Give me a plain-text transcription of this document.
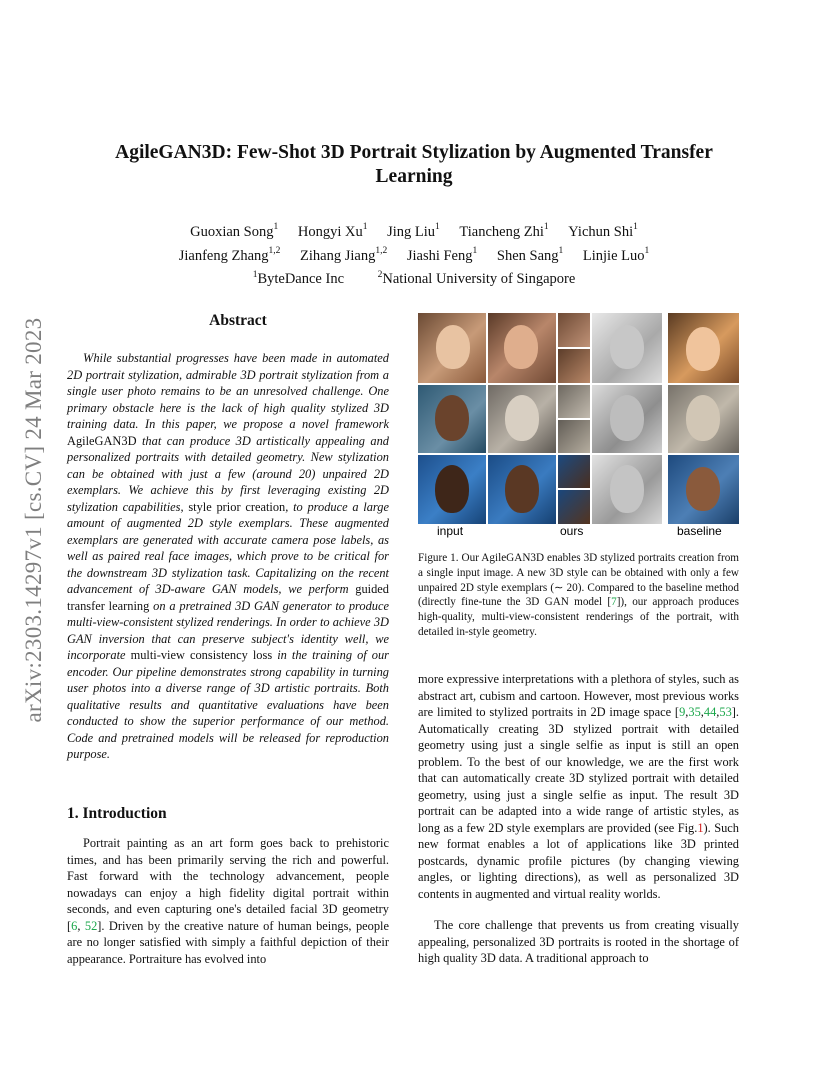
arXiv:2303.14297v1 [cs.CV] 24 Mar 2023
AgileGAN3D: Few-Shot 3D Portrait Stylization by Augmented Transfer
Learning
Guoxian Song$^1$ Hongyi Xu$^1$ Jing Liu$^1$ Tiancheng Zhi$^1$ Yichun Shi$^1$
Jianfeng Zhang$^{1,2}$ Zihang Jiang$^{1,2}$ Jiashi Feng$^1$ Shen Sang$^1$ Linjie Luo$^1$
$^1$ByteDance Inc	$^2$National University of Singapore
Abstract
While substantial progresses have been made in automated 2D portrait stylization, admirable 3D portrait stylization from a single user photo remains to be an unresolved challenge. One primary obstacle here is the lack of high quality stylized 3D training data. In this paper, we propose a novel framework AgileGAN3D that can produce 3D artistically appealing and personalized portraits with detailed geometry. New stylization can be obtained with just a few (around 20) unpaired 2D exemplars. We achieve this by first leveraging existing 2D stylization capabilities, style prior creation, to produce a large amount of augmented 2D style exemplars. These augmented exemplars are generated with accurate camera pose labels, as well as paired real face images, which prove to be critical for the downstream 3D stylization task. Capitalizing on the recent advancement of 3D-aware GAN models, we perform guided transfer learning on a pretrained 3D GAN generator to produce multi-view-consistent stylized renderings. In order to achieve 3D GAN inversion that can preserve subject's identity well, we incorporate multi-view consistency loss in the training of our encoder. Our pipeline demonstrates strong capability in turning user photos into a diverse range of 3D artistic portraits. Both qualitative results and quantitative evaluations have been conducted to show the superior performance of our method. Code and pretrained models will be released for reproduction purpose.
1. Introduction
Portrait painting as an art form goes back to prehistoric times, and has been primarily serving the rich and powerful. Fast forward with the technology advancement, people nowadays can enjoy a high fidelity digital portrait within seconds, and even capturing one's detailed facial 3D geometry [6, 52]. Driven by the creative nature of human beings, people are no longer satisfied with simply a faithful depiction of their appearance. Portraiture has evolved into
input	ours	baseline
Figure 1. Our AgileGAN3D enables 3D stylized portraits creation from a single input image. A new 3D style can be obtained with only a few unpaired 2D style exemplars (∼ 20). Compared to the baseline method (directly fine-tune the 3D GAN model [7]), our approach produces high-quality, multi-view-consistent renderings of the portrait, with detailed in-style geometry.
more expressive interpretations with a plethora of styles, such as abstract art, cubism and cartoon. However, most previous works are limited to stylized portraits in 2D image space [9,35,44,53]. Automatically creating 3D stylized portrait with detailed geometry using just a single selfie as input is still an open problem. To the best of our knowledge, we are the first work that can automatically create 3D stylized portrait with detailed geometry, using just a single selfie as input. The result 3D portrait can be adapted into a wide range of artistic styles, as long as a few 2D style exemplars are provided (see Fig.1). Such new format enables a lot of applications like 3D printed postcards, dynamic profile pictures (by changing viewing angles, or lighting directions), as well as personalized 3D contents in augmented and virtual reality worlds.
The core challenge that prevents us from creating visually appealing, personalized 3D portraits is rooted in the shortage of high quality 3D data. A traditional approach to
